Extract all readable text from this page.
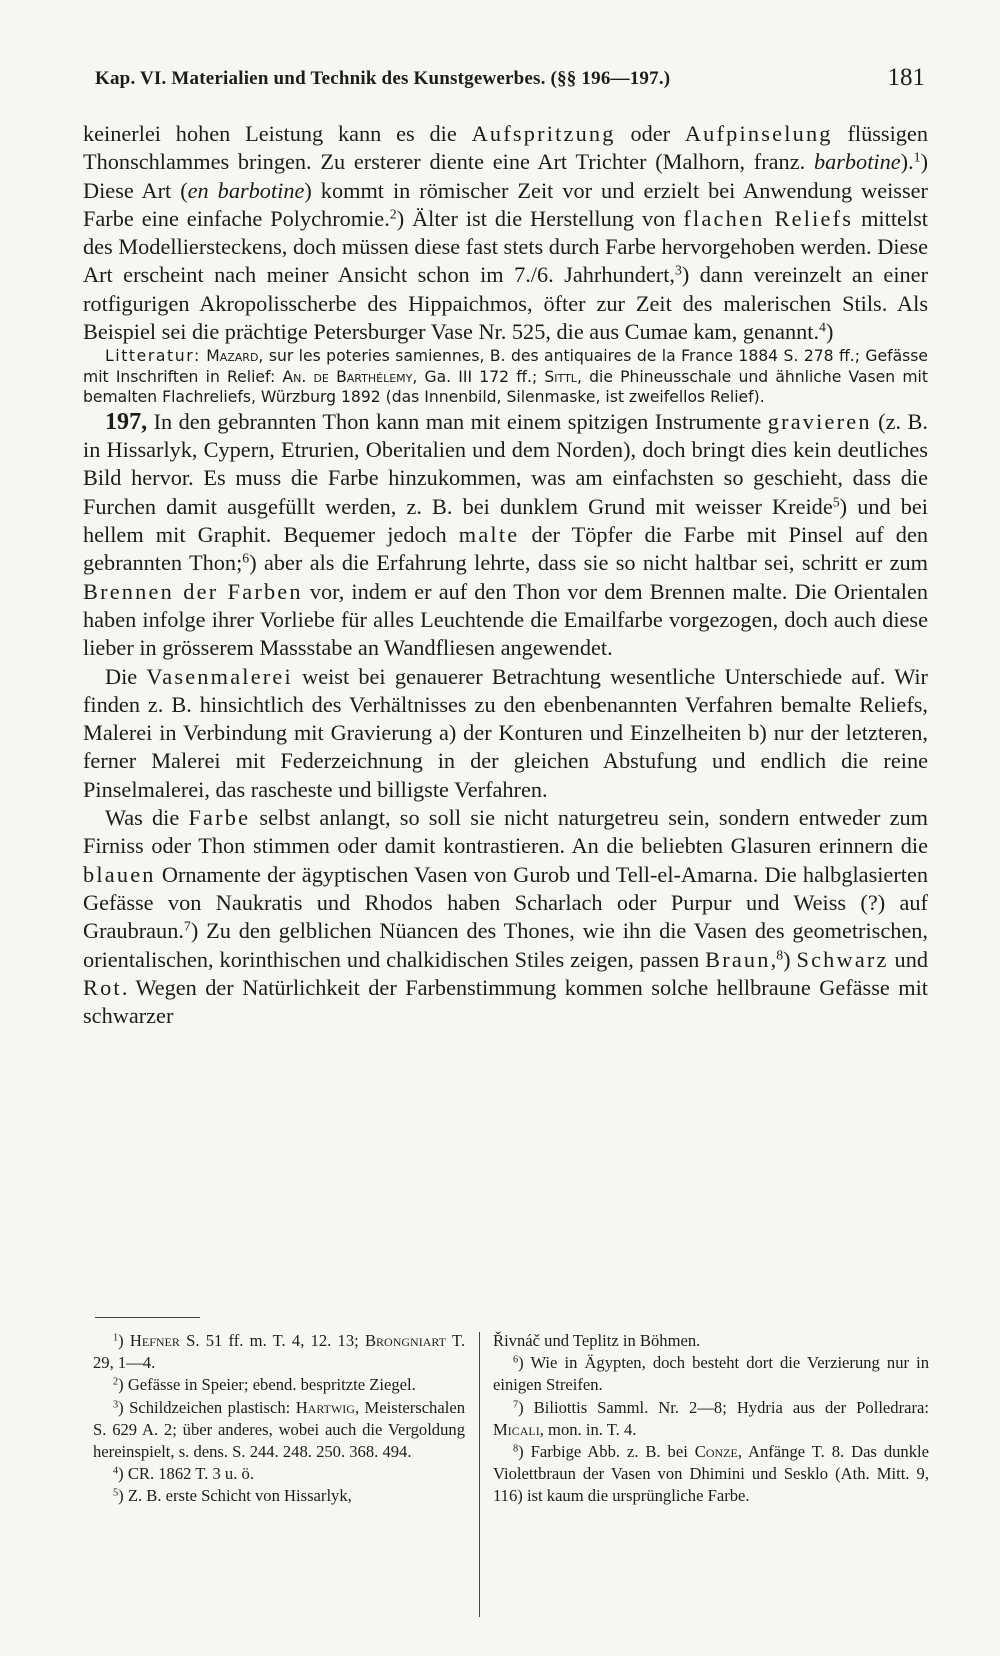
Kap. VI. Materialien und Technik des Kunstgewerbes. (§§ 196—197.)	181

keinerlei hohen Leistung kann es die Aufspritzung oder Aufpinselung flüssigen Thonschlammes bringen. Zu ersterer diente eine Art Trichter (Malhorn, franz. barbotine).$^1$) Diese Art (en barbotine) kommt in römischer Zeit vor und erzielt bei Anwendung weisser Farbe eine einfache Polychromie.$^2$) Älter ist die Herstellung von flachen Reliefs mittelst des Modelliersteckens, doch müssen diese fast stets durch Farbe hervorgehoben werden. Diese Art erscheint nach meiner Ansicht schon im 7./6. Jahrhundert,$^3$) dann vereinzelt an einer rotfigurigen Akropolisscherbe des Hippaichmos, öfter zur Zeit des malerischen Stils. Als Beispiel sei die prächtige Petersburger Vase Nr. 525, die aus Cumae kam, genannt.$^4$)

Litteratur: Mazard, sur les poteries samiennes, B. des antiquaires de la France 1884 S. 278 ff.; Gefässe mit Inschriften in Relief: An. de Barthélemy, Ga. III 172 ff.; Sittl, die Phineusschale und ähnliche Vasen mit bemalten Flachreliefs, Würzburg 1892 (das Innenbild, Silenmaske, ist zweifellos Relief).

197, In den gebrannten Thon kann man mit einem spitzigen Instrumente gravieren (z. B. in Hissarlyk, Cypern, Etrurien, Oberitalien und dem Norden), doch bringt dies kein deutliches Bild hervor. Es muss die Farbe hinzukommen, was am einfachsten so geschieht, dass die Furchen damit ausgefüllt werden, z. B. bei dunklem Grund mit weisser Kreide$^5$) und bei hellem mit Graphit. Bequemer jedoch malte der Töpfer die Farbe mit Pinsel auf den gebrannten Thon;$^6$) aber als die Erfahrung lehrte, dass sie so nicht haltbar sei, schritt er zum Brennen der Farben vor, indem er auf den Thon vor dem Brennen malte. Die Orientalen haben infolge ihrer Vorliebe für alles Leuchtende die Emailfarbe vorgezogen, doch auch diese lieber in grösserem Massstabe an Wandfliesen angewendet.

Die Vasenmalerei weist bei genauerer Betrachtung wesentliche Unterschiede auf. Wir finden z. B. hinsichtlich des Verhältnisses zu den ebenbenannten Verfahren bemalte Reliefs, Malerei in Verbindung mit Gravierung a) der Konturen und Einzelheiten b) nur der letzteren, ferner Malerei mit Federzeichnung in der gleichen Abstufung und endlich die reine Pinselmalerei, das rascheste und billigste Verfahren.

Was die Farbe selbst anlangt, so soll sie nicht naturgetreu sein, sondern entweder zum Firniss oder Thon stimmen oder damit kontrastieren. An die beliebten Glasuren erinnern die blauen Ornamente der ägyptischen Vasen von Gurob und Tell-el-Amarna. Die halbglasierten Gefässe von Naukratis und Rhodos haben Scharlach oder Purpur und Weiss (?) auf Graubraun.$^7$) Zu den gelblichen Nüancen des Thones, wie ihn die Vasen des geometrischen, orientalischen, korinthischen und chalkidischen Stiles zeigen, passen Braun,$^8$) Schwarz und Rot. Wegen der Natürlichkeit der Farbenstimmung kommen solche hellbraune Gefässe mit schwarzer

$^1$) Hefner S. 51 ff. m. T. 4, 12. 13; Brongniart T. 29, 1—4.

$^2$) Gefässe in Speier; ebend. bespritzte Ziegel.

$^3$) Schildzeichen plastisch: Hartwig, Meisterschalen S. 629 A. 2; über anderes, wobei auch die Vergoldung hereinspielt, s. dens. S. 244. 248. 250. 368. 494.

$^4$) CR. 1862 T. 3 u. ö.

$^5$) Z. B. erste Schicht von Hissarlyk,

Řivnáč und Teplitz in Böhmen.

$^6$) Wie in Ägypten, doch besteht dort die Verzierung nur in einigen Streifen.

$^7$) Biliottis Samml. Nr. 2—8; Hydria aus der Polledrara: Micali, mon. in. T. 4.

$^8$) Farbige Abb. z. B. bei Conze, Anfänge T. 8. Das dunkle Violettbraun der Vasen von Dhimini und Sesklo (Ath. Mitt. 9, 116) ist kaum die ursprüngliche Farbe.
